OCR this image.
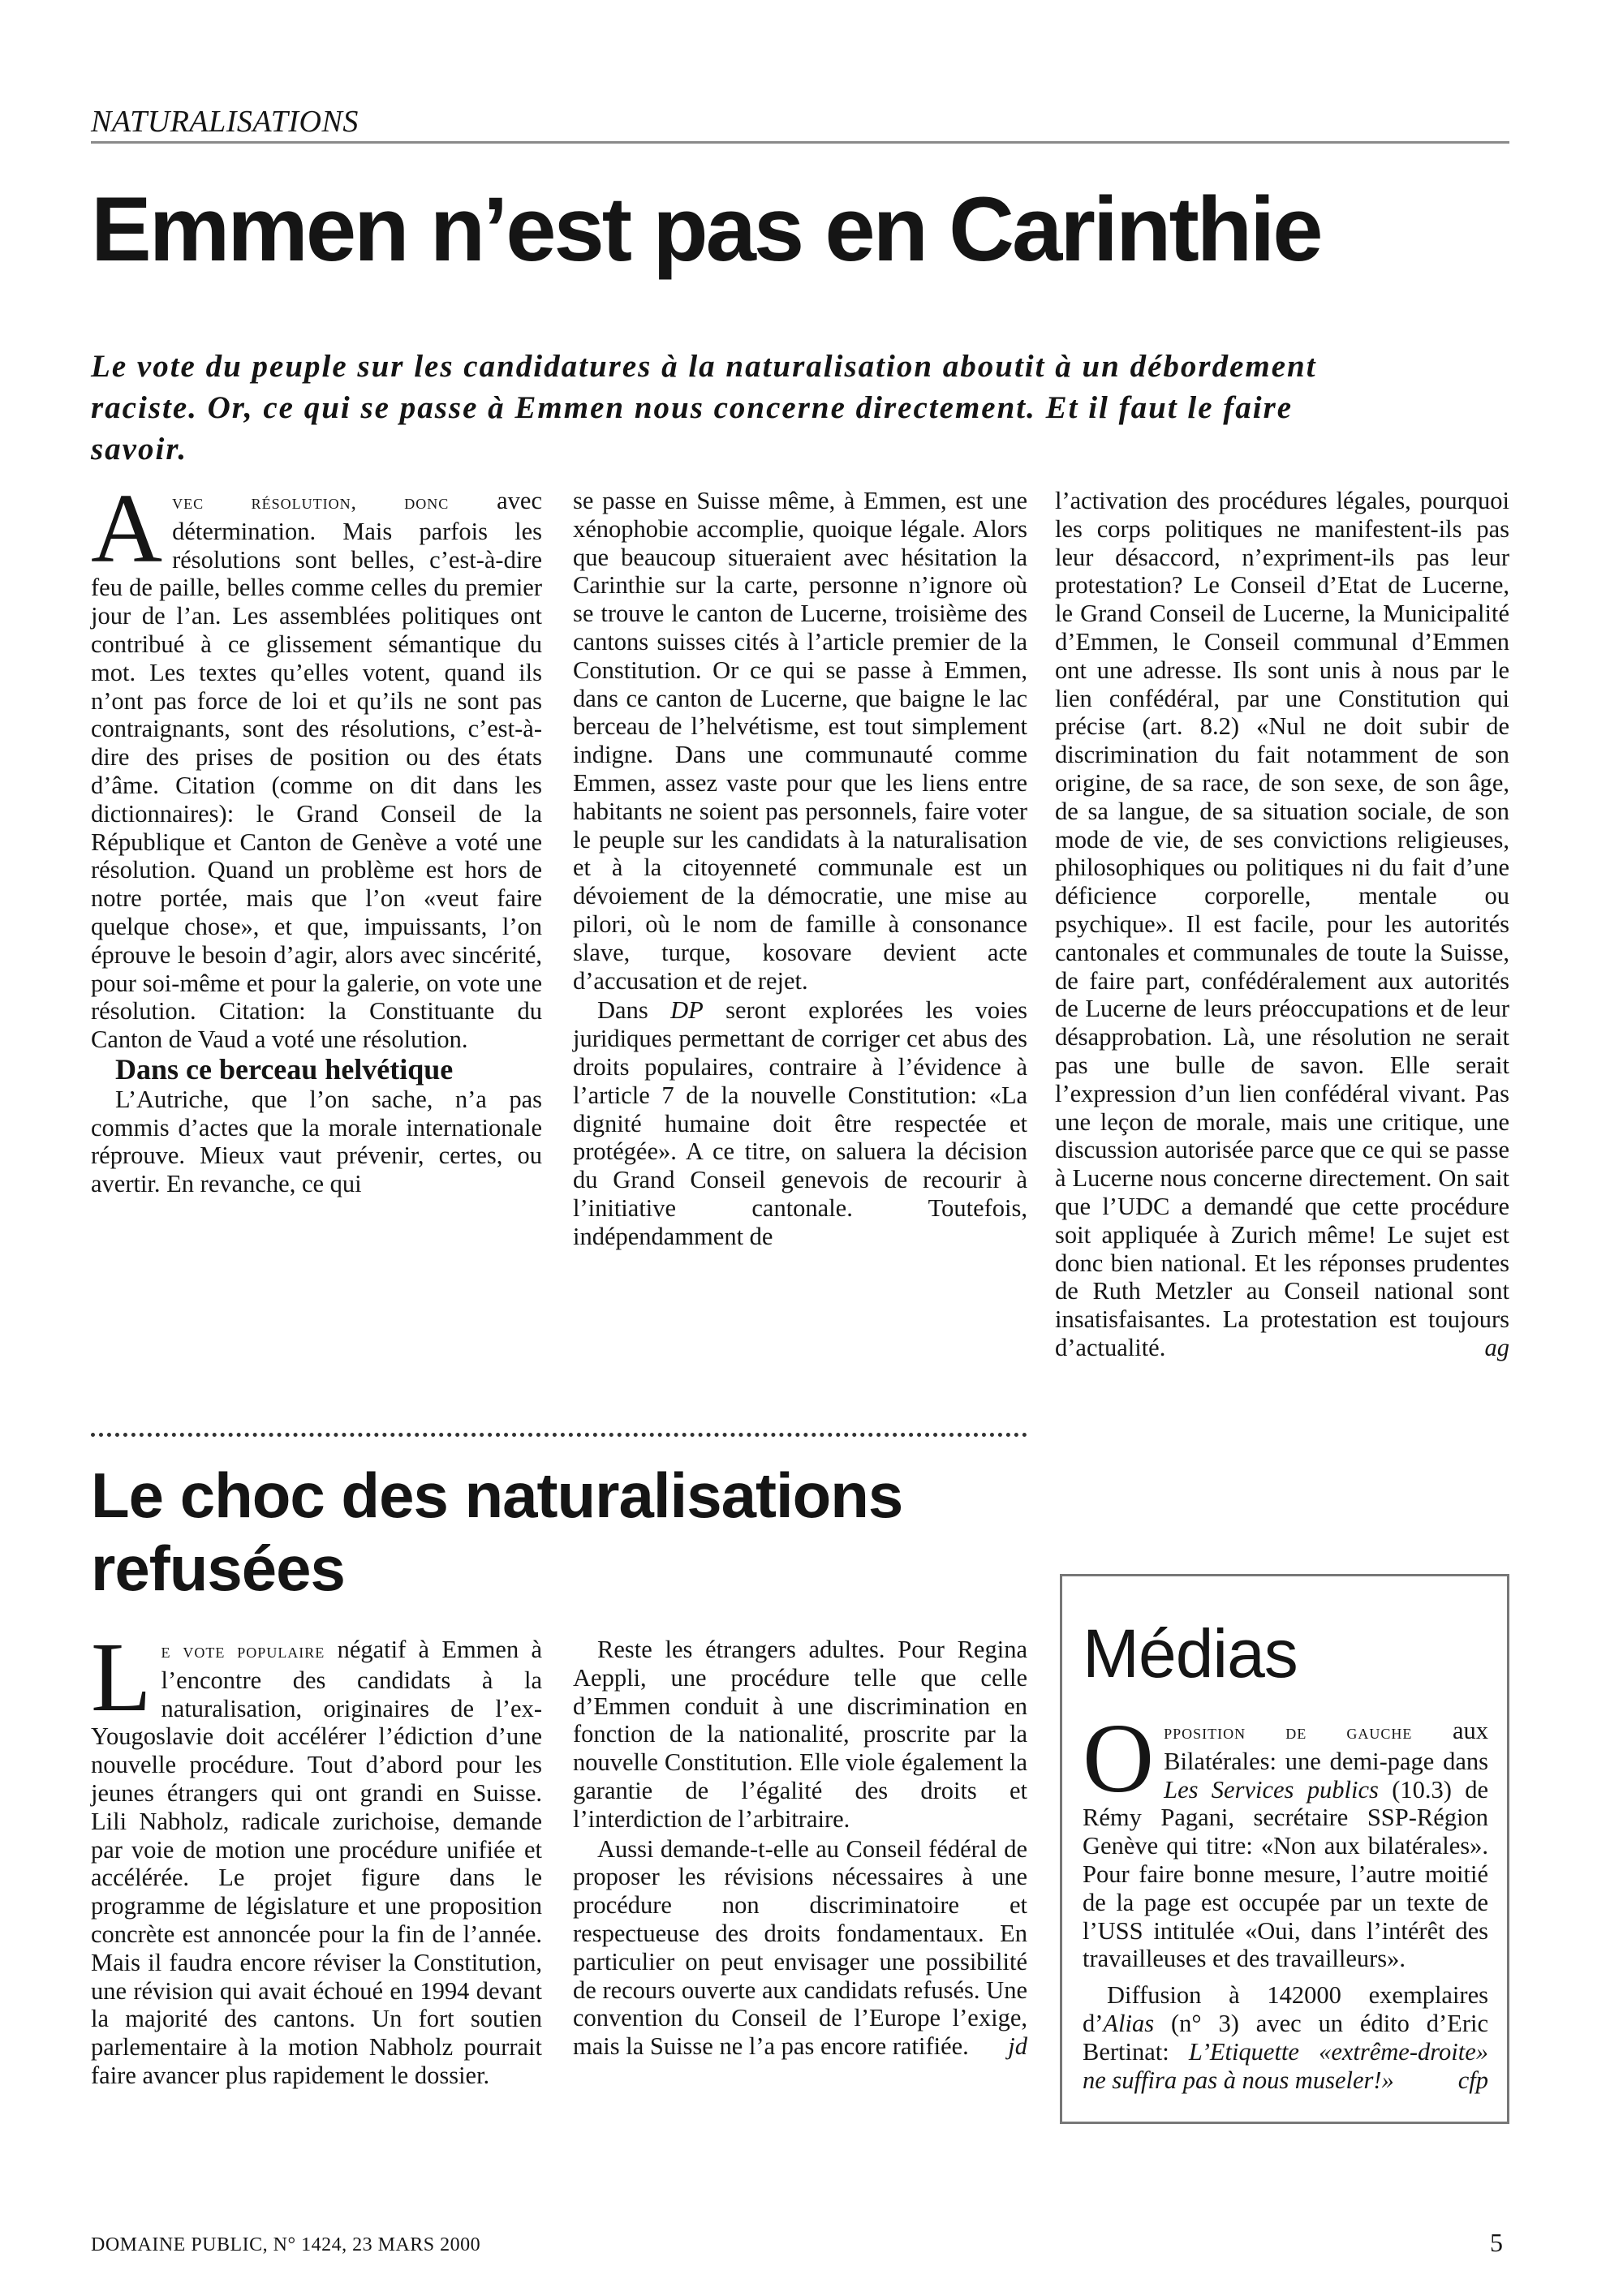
NATURALISATIONS
Emmen n’est pas en Carinthie

Le vote du peuple sur les candidatures à la naturalisation aboutit à un débordement raciste. Or, ce qui se passe à Emmen nous concerne directement. Et il faut le faire savoir.

Avec résolution, donc avec détermination. Mais parfois les résolutions sont belles, c’est-à-dire feu de paille, belles comme celles du premier jour de l’an. Les assemblées politiques ont contribué à ce glissement sémantique du mot. Les textes qu’elles votent, quand ils n’ont pas force de loi et qu’ils ne sont pas contraignants, sont des résolutions, c’est-à-dire des prises de position ou des états d’âme. Citation (comme on dit dans les dictionnaires): le Grand Conseil de la République et Canton de Genève a voté une résolution. Quand un problème est hors de notre portée, mais que l’on «veut faire quelque chose», et que, impuissants, l’on éprouve le besoin d’agir, alors avec sincérité, pour soi-même et pour la galerie, on vote une résolution. Citation: la Constituante du Canton de Vaud a voté une résolution.

Dans ce berceau helvétique

L’Autriche, que l’on sache, n’a pas commis d’actes que la morale internationale réprouve. Mieux vaut prévenir, certes, ou avertir. En revanche, ce qui

se passe en Suisse même, à Emmen, est une xénophobie accomplie, quoique légale. Alors que beaucoup situeraient avec hésitation la Carinthie sur la carte, personne n’ignore où se trouve le canton de Lucerne, troisième des cantons suisses cités à l’article premier de la Constitution. Or ce qui se passe à Emmen, dans ce canton de Lucerne, que baigne le lac berceau de l’helvétisme, est tout simplement indigne. Dans une communauté comme Emmen, assez vaste pour que les liens entre habitants ne soient pas personnels, faire voter le peuple sur les candidats à la naturalisation et à la citoyenneté communale est un dévoiement de la démocratie, une mise au pilori, où le nom de famille à consonance slave, turque, kosovare devient acte d’accusation et de rejet.

Dans DP seront explorées les voies juridiques permettant de corriger cet abus des droits populaires, contraire à l’évidence à l’article 7 de la nouvelle Constitution: «La dignité humaine doit être respectée et protégée». A ce titre, on saluera la décision du Grand Conseil genevois de recourir à l’initiative cantonale. Toutefois, indépendamment de

l’activation des procédures légales, pourquoi les corps politiques ne manifestent-ils pas leur désaccord, n’expriment-ils pas leur protestation? Le Conseil d’Etat de Lucerne, le Grand Conseil de Lucerne, la Municipalité d’Emmen, le Conseil communal d’Emmen ont une adresse. Ils sont unis à nous par le lien confédéral, par une Constitution qui précise (art. 8.2) «Nul ne doit subir de discrimination du fait notamment de son origine, de sa race, de son sexe, de son âge, de sa langue, de sa situation sociale, de son mode de vie, de ses convictions religieuses, philosophiques ou politiques ni du fait d’une déficience corporelle, mentale ou psychique». Il est facile, pour les autorités cantonales et communales de toute la Suisse, de faire part, confédéralement aux autorités de Lucerne de leurs préoccupations et de leur désapprobation. Là, une résolution ne serait pas une bulle de savon. Elle serait l’expression d’un lien confédéral vivant. Pas une leçon de morale, mais une critique, une discussion autorisée parce que ce qui se passe à Lucerne nous concerne directement. On sait que l’UDC a demandé que cette procédure soit appliquée à Zurich même! Le sujet est donc bien national. Et les réponses prudentes de Ruth Metzler au Conseil national sont insatisfaisantes. La protestation est toujours d’actualité.	ag

Le choc des naturalisations refusées

Le vote populaire négatif à Emmen à l’encontre des candidats à la naturalisation, originaires de l’ex-Yougoslavie doit accélérer l’édiction d’une nouvelle procédure. Tout d’abord pour les jeunes étrangers qui ont grandi en Suisse. Lili Nabholz, radicale zurichoise, demande par voie de motion une procédure unifiée et accélérée. Le projet figure dans le programme de législature et une proposition concrète est annoncée pour la fin de l’année. Mais il faudra encore réviser la Constitution, une révision qui avait échoué en 1994 devant la majorité des cantons. Un fort soutien parlementaire à la motion Nabholz pourrait faire avancer plus rapidement le dossier.

Reste les étrangers adultes. Pour Regina Aeppli, une procédure telle que celle d’Emmen conduit à une discrimination en fonction de la nationalité, proscrite par la nouvelle Constitution. Elle viole également la garantie de l’égalité des droits et l’interdiction de l’arbitraire.

Aussi demande-t-elle au Conseil fédéral de proposer les révisions nécessaires à une procédure non discriminatoire et respectueuse des droits fondamentaux. En particulier on peut envisager une possibilité de recours ouverte aux candidats refusés. Une convention du Conseil de l’Europe l’exige, mais la Suisse ne l’a pas encore ratifiée.	jd

Médias

Opposition de gauche aux Bilatérales: une demi-page dans Les Services publics (10.3) de Rémy Pagani, secrétaire SSP-Région Genève qui titre: «Non aux bilatérales». Pour faire bonne mesure, l’autre moitié de la page est occupée par un texte de l’USS intitulée «Oui, dans l’intérêt des travailleuses et des travailleurs».

Diffusion à 142000 exemplaires d’Alias (n° 3) avec un édito d’Eric Bertinat: L’Etiquette «extrême-droite» ne suffira pas à nous museler!»	cfp

DOMAINE PUBLIC, N° 1424, 23 MARS 2000	5
